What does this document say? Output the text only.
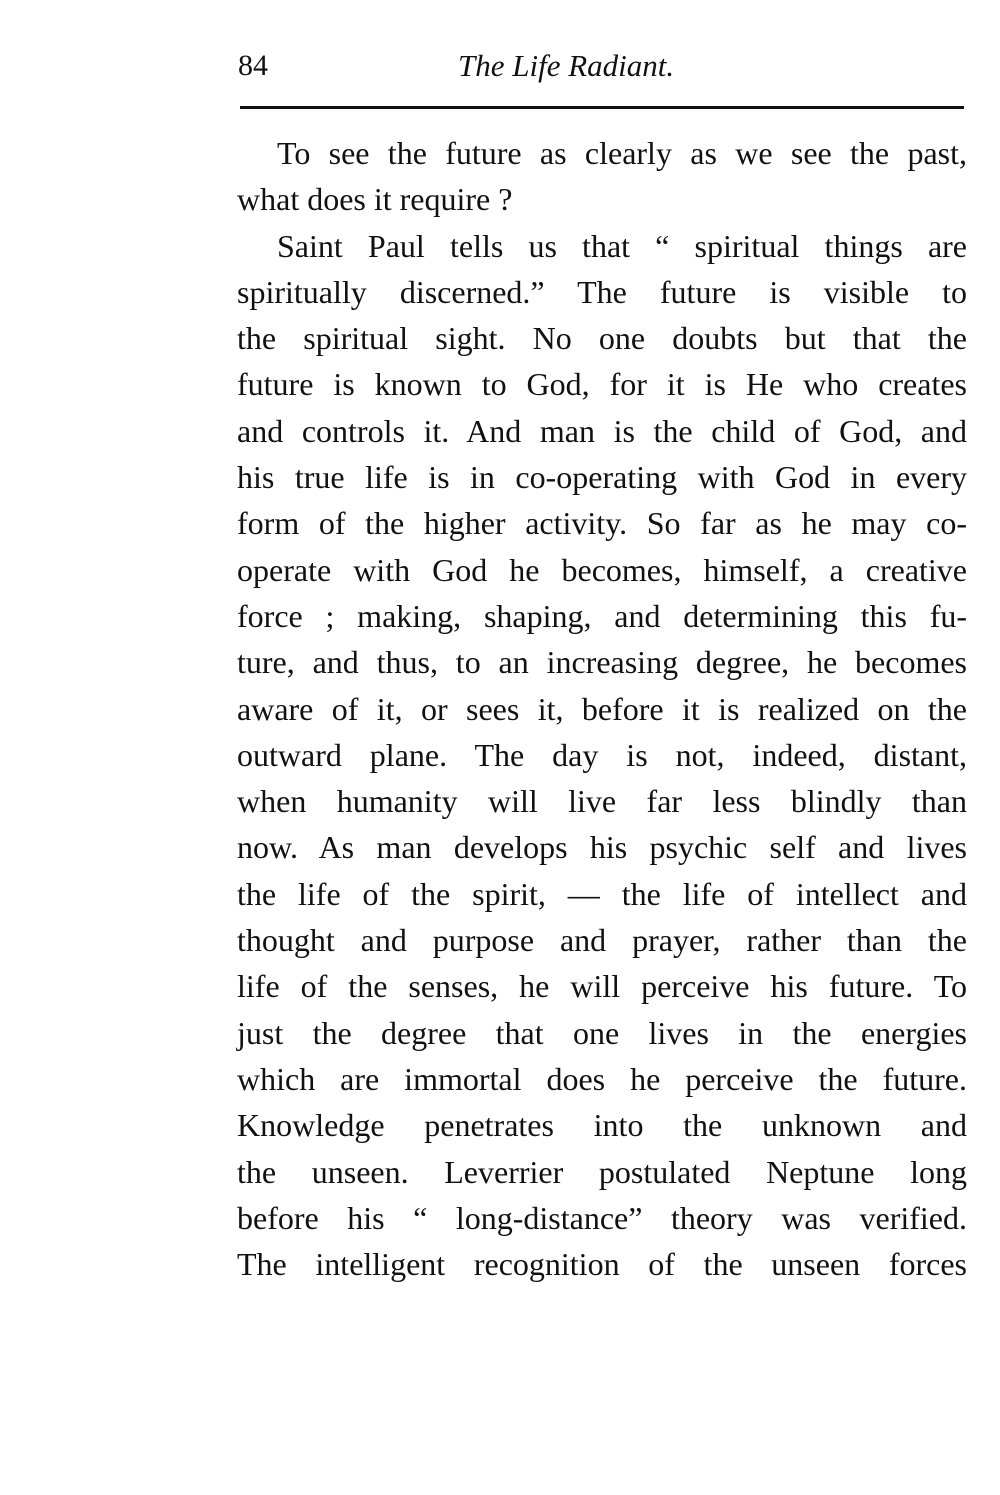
84	The Life Radiant.
To see the future as clearly as we see the past,
what does it require ?
Saint Paul tells us that “ spiritual things are
spiritually discerned.” The future is visible to
the spiritual sight. No one doubts but that the
future is known to God, for it is He who creates
and controls it. And man is the child of God, and
his true life is in co-operating with God in every
form of the higher activity. So far as he may co-
operate with God he becomes, himself, a creative
force ; making, shaping, and determining this fu-
ture, and thus, to an increasing degree, he becomes
aware of it, or sees it, before it is realized on the
outward plane. The day is not, indeed, distant,
when humanity will live far less blindly than
now. As man develops his psychic self and lives
the life of the spirit, — the life of intellect and
thought and purpose and prayer, rather than the
life of the senses, he will perceive his future. To
just the degree that one lives in the energies
which are immortal does he perceive the future.
Knowledge penetrates into the unknown and
the unseen. Leverrier postulated Neptune long
before his “ long-distance” theory was verified.
The intelligent recognition of the unseen forces
